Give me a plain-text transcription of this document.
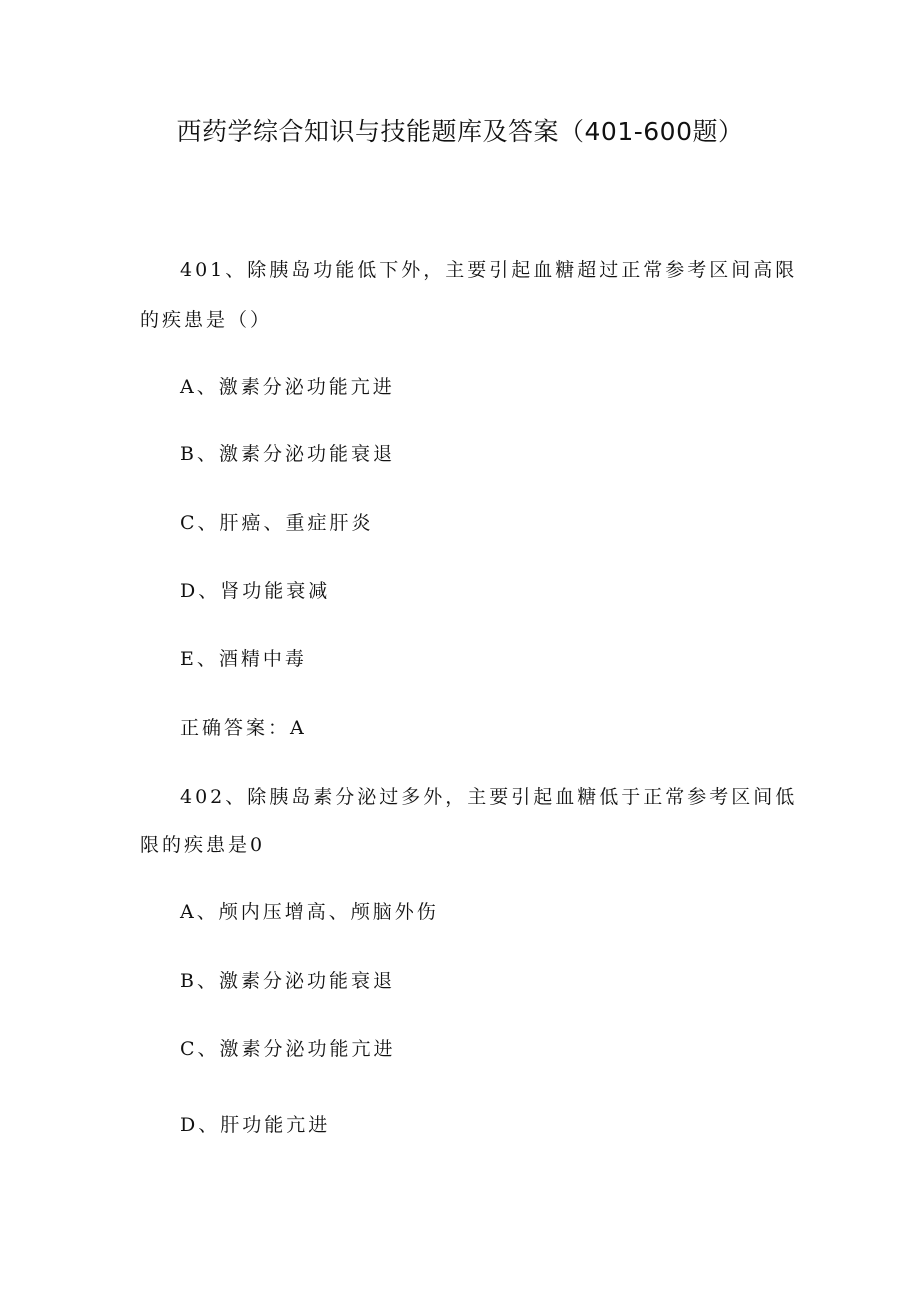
西药学综合知识与技能题库及答案（401-600题）
401、除胰岛功能低下外，主要引起血糖超过正常参考区间高限
的疾患是（）
A、激素分泌功能亢进
B、激素分泌功能衰退
C、肝癌、重症肝炎
D、肾功能衰减
E、酒精中毒
正确答案：A
402、除胰岛素分泌过多外，主要引起血糖低于正常参考区间低
限的疾患是0
A、颅内压增高、颅脑外伤
B、激素分泌功能衰退
C、激素分泌功能亢进
D、肝功能亢进
